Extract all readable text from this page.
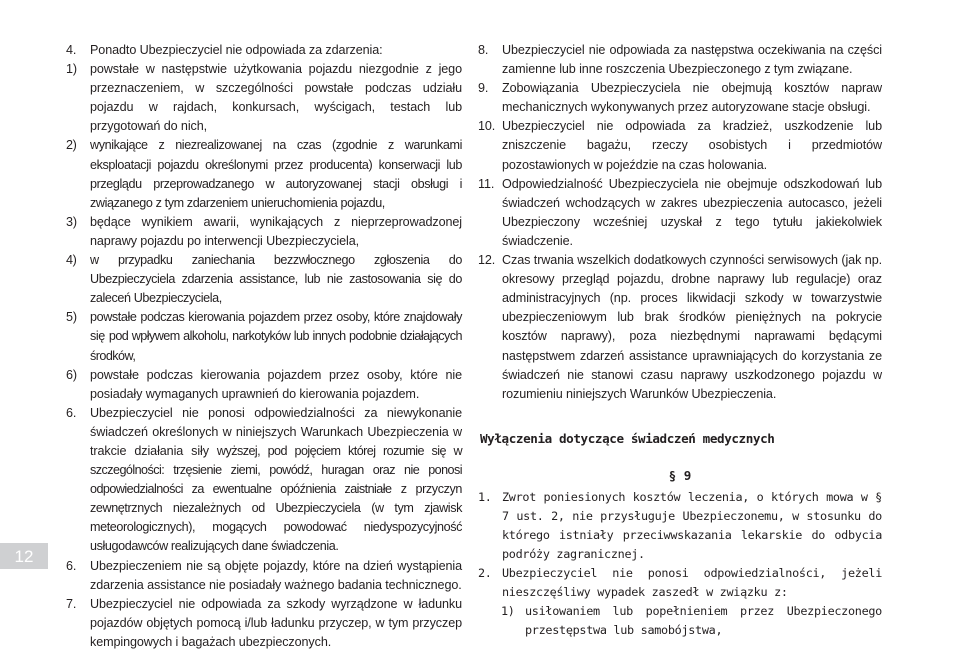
4. Ponadto Ubezpieczyciel nie odpowiada za zdarzenia:

1) powstałe w następstwie użytkowania pojazdu niezgodnie z jego przeznaczeniem, w szczególności powstałe podczas udziału pojazdu w rajdach, konkursach, wyścigach, testach lub przygotowań do nich,

2) wynikające z niezrealizowanej na czas (zgodnie z warunkami eksploatacji pojazdu określonymi przez producenta) konserwacji lub przeglądu przeprowadzanego w autoryzowanej stacji obsługi i związanego z tym zdarzeniem unieruchomienia pojazdu,

3) będące wynikiem awarii, wynikających z nieprzeprowadzonej naprawy pojazdu po interwencji Ubezpieczyciela,

4) w przypadku zaniechania bezzwłocznego zgłoszenia do Ubezpieczyciela zdarzenia assistance, lub nie zastosowania się do zaleceń Ubezpieczyciela,

5) powstałe podczas kierowania pojazdem przez osoby, które znajdowały się pod wpływem alkoholu, narkotyków lub innych podobnie działających środków,

6) powstałe podczas kierowania pojazdem przez osoby, które nie posiadały wymaganych uprawnień do kierowania pojazdem.

6. Ubezpieczyciel nie ponosi odpowiedzialności za niewykonanie świadczeń określonych w niniejszych Warunkach Ubezpieczenia w trakcie działania siły wyższej, pod pojęciem której rozumie się w szczególności: trzęsienie ziemi, powódź, huragan oraz nie ponosi odpowiedzialności za ewentualne opóźnienia zaistniałe z przyczyn zewnętrznych niezależnych od Ubezpieczyciela (w tym zjawisk meteorologicznych), mogących powodować niedyspozycyjność usługodawców realizujących dane świadczenia.

6. Ubezpieczeniem nie są objęte pojazdy, które na dzień wystąpienia zdarzenia assistance nie posiadały ważnego badania technicznego.

7. Ubezpieczyciel nie odpowiada za szkody wyrządzone w ładunku pojazdów objętych pomocą i/lub ładunku przyczep, w tym przyczep kempingowych i bagażach ubezpieczonych.

8. Ubezpieczyciel nie odpowiada za następstwa oczekiwania na części zamienne lub inne roszczenia Ubezpieczonego z tym związane.

9. Zobowiązania Ubezpieczyciela nie obejmują kosztów napraw mechanicznych wykonywanych przez autoryzowane stacje obsługi.

10. Ubezpieczyciel nie odpowiada za kradzież, uszkodzenie lub zniszczenie bagażu, rzeczy osobistych i przedmiotów pozostawionych w pojeździe na czas holowania.

11. Odpowiedzialność Ubezpieczyciela nie obejmuje odszkodowań lub świadczeń wchodzących w zakres ubezpieczenia autocasco, jeżeli Ubezpieczony wcześniej uzyskał z tego tytułu jakiekolwiek świadczenie.

12. Czas trwania wszelkich dodatkowych czynności serwisowych (jak np. okresowy przegląd pojazdu, drobne naprawy lub regulacje) oraz administracyjnych (np. proces likwidacji szkody w towarzystwie ubezpieczeniowym lub brak środków pieniężnych na pokrycie kosztów naprawy), poza niezbędnymi naprawami będącymi następstwem zdarzeń assistance uprawniających do korzystania ze świadczeń nie stanowi czasu naprawy uszkodzonego pojazdu w rozumieniu niniejszych Warunków Ubezpieczenia.

Wyłączenia dotyczące świadczeń medycznych
§ 9

1. Zwrot poniesionych kosztów leczenia, o których mowa w § 7 ust. 2, nie przysługuje Ubezpieczonemu, w stosunku do którego istniały przeciwwskazania lekarskie do odbycia podróży zagranicznej.

2. Ubezpieczyciel nie ponosi odpowiedzialności, jeżeli nieszczęśliwy wypadek zaszedł w związku z:

1) usiłowaniem lub popełnieniem przez Ubezpieczonego przestępstwa lub samobójstwa,

12
